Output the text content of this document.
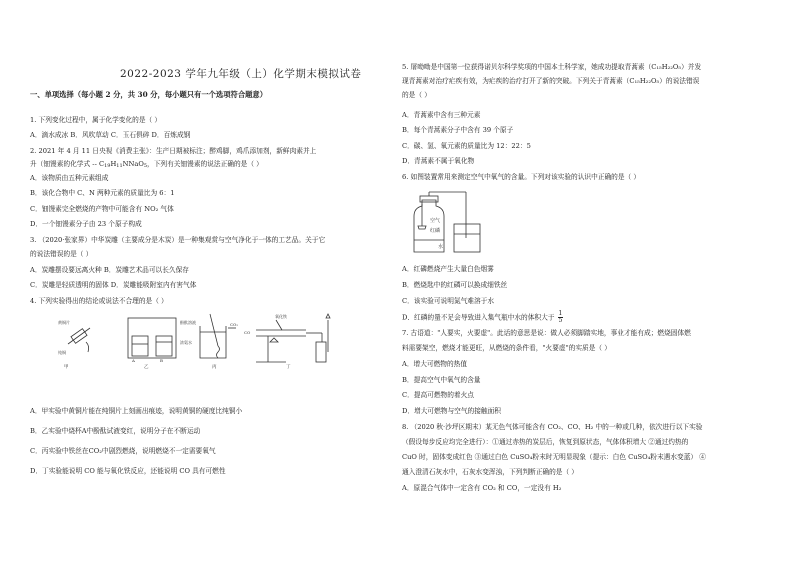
2022-2023 学年九年级（上）化学期末模拟试卷
一、单项选择（每小题 2 分，共 30 分，每小题只有一个选项符合题意）
1. 下列变化过程中，属于化学变化的是（ ）
A．滴水成冰 B．风吹草动 C．玉石俱碎 D．百炼成钢
2. 2021 年 4 月 11 日央视《消费主张》：生产日期被标注；醉鸡脚，鸡爪添加剂，新鲜肉素并上
升（钿馒素的化学式 -- $C_{19}H_{11}NNaO_5$，下列有关钿馒素的说法正确的是（ ）
A．该物质由五种元素组成
B．该化合物中 C、N 两种元素的质量比为 6：1
C．钿馒素完全燃烧的产物中可能含有 NO₂ 气体
D．一个钿馒素分子由 23 个原子构成
3. （2020·张家界）中华炭雕（主要成分是木炭）是一种集观赏与空气净化于一体的工艺品。关于它
的说法错误的是（ ）
A．炭雕摆设要远离火种 B．炭雕艺术品可以长久保存
C．炭雕是轻质透明的固体 D．炭雕能吸附室内有害气体
4. 下列实验得出的结论或说法不合理的是（ ）
黄铜片
纯铜
A	B
酚酞溶液
浓氨水
CO₂
氧化铁
CO
甲	乙	丙	丁
A．甲实验中黄铜片能在纯铜片上刻画出痕迹，说明黄铜的硬度比纯铜小
B．乙实验中烧杯A中酚酞试液变红，说明分子在不断运动
C．丙实验中铁丝在CO₂中剧烈燃烧，说明燃烧不一定需要氧气
D．丁实验能说明 CO 能与氧化铁反应，还能说明 CO 具有可燃性
5. 屠呦呦是中国第一位获得诺贝尔科学奖项的中国本土科学家，她成功提取青蒿素（C₁₅H₂₂O₅）并发
现青蒿素对治疗疟疾有效，为疟疾的治疗打开了新的突破。下列关于青蒿素（C₁₅H₂₂O₅）的说法错误
的是（ ）
A．青蒿素中含有三种元素
B．每个青蒿素分子中含有 39 个原子
C．碳、氢、氧元素的质量比为 12：22：5
D．青蒿素不属于氧化物
6. 如图装置常用来测定空气中氧气的含量。下列对该实验的认识中正确的是（ ）
空气
红磷
水
A．红磷燃烧产生大量白色烟雾
B．燃烧匙中的红磷可以换成细铁丝
C．该实验可说明氮气难溶于水
D．红磷的量不足会导致进入集气瓶中水的体积大于 $\frac{1}{5}$
7. 古语道："人要实，火要虚"。此话的意思是说：做人必须脚踏实地，事业才能有成；燃烧固体燃
料需要架空，燃烧才能更旺，从燃烧的条件看，"火要虚"的实质是（ ）
A．增大可燃物的热值
B．提高空气中氧气的含量
C．提高可燃物的着火点
D．增大可燃物与空气的接触面积
8. （2020 秋·沙坪区期末）某无色气体可能含有 CO₂、CO、H₂ 中的一种或几种，依次进行以下实验
（假设每步反应均完全进行）：①通过赤热的炭层后，恢复到原状态，气体体积增大 ②通过灼热的
CuO 时，固体变成红色 ③通过白色 CuSO₄粉末时无明显现象（提示：白色 CuSO₄粉末遇水变蓝） ④
通入澄清石灰水中，石灰水变浑浊，下列判断正确的是（ ）
A．原混合气体中一定含有 CO₂ 和 CO，一定没有 H₂
